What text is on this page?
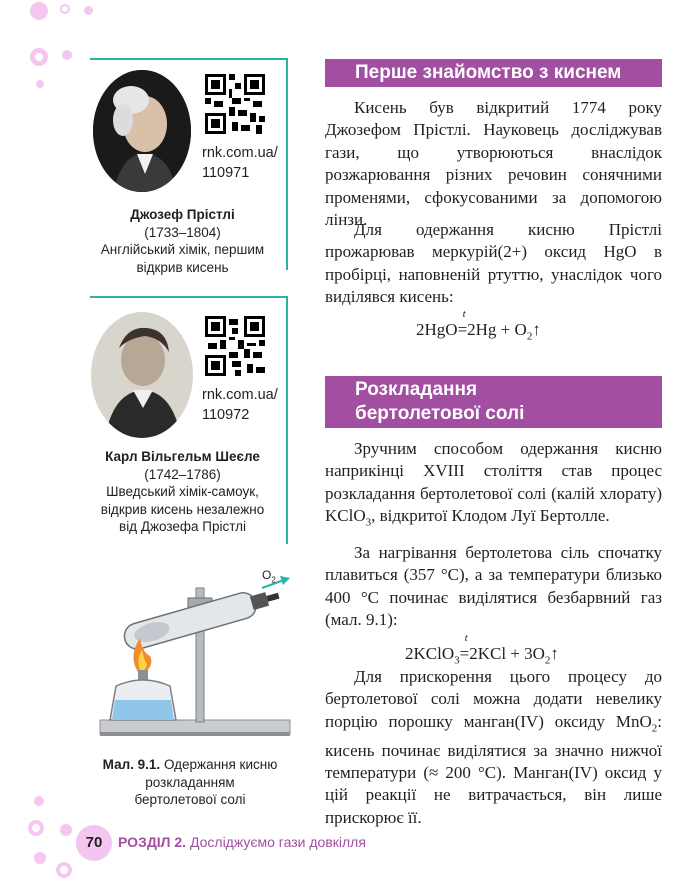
rnk.com.ua/
110971
Джозеф Прістлі
(1733–1804)
Англійський хімік, першим
відкрив кисень
rnk.com.ua/
110972
Карл Вільгельм Шеєле
(1742–1786)
Шведський хімік-самоук,
відкрив кисень незалежно
від Джозефа Прістлі
$O_2$
Мал. 9.1. Одержання кисню
розкладанням
бертолетової солі
Перше знайомство з киснем

Кисень був відкритий 1774 року Джозефом Прістлі. Науковець досліджував гази, що утворюються внаслідок розжарювання різних речовин сонячними променями, сфокусованими за допомогою лінзи.

Для одержання кисню Прістлі прожарював меркурій(2+) оксид HgO в пробірці, наповненій ртуттю, унаслідок чого виділявся кисень:

2HgO=
t
$2Hg + O_2↑$
Розкладання
бертолетової солі

Зручним способом одержання кисню наприкінці XVIII століття став процес розкладання бертолетової солі (калій хлорату) KClO$_3$, відкритої Клодом Луї Бертолле.

За нагрівання бертолетова сіль спочатку плавиться (357 °C), а за температури близько 400 °C починає виділятися безбарвний газ (мал. 9.1):

2KClO$_3$=
t
$2KCl + 3O_2↑$

Для прискорення цього процесу до бертолетової солі можна додати невелику порцію порошку манган(IV) оксиду MnO$_2$: кисень починає виділятися за значно нижчої температури (≈ 200 °C). Манган(IV) оксид у цій реакції не витрачається, він лише прискорює її.

70	РОЗДІЛ 2. Досліджуємо гази довкілля
